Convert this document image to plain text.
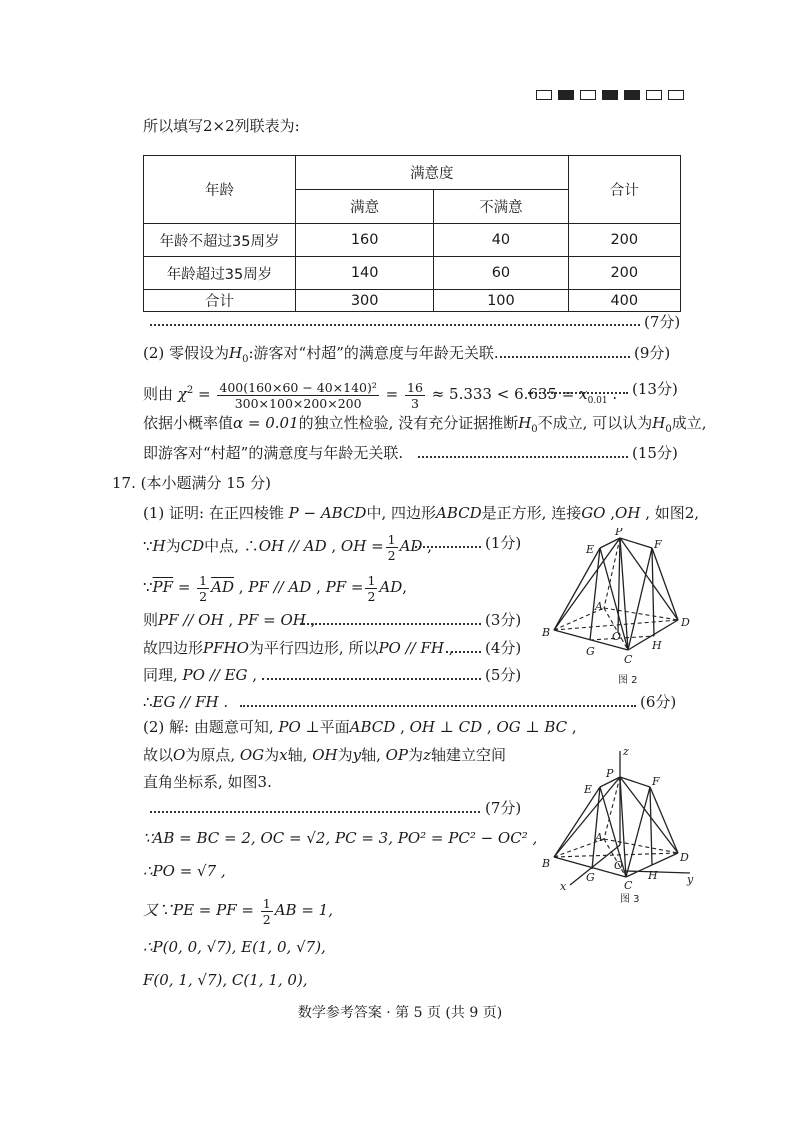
所以填写2×2列联表为:
年龄	满意度		合计
	满意	不满意	
年龄不超过35周岁	160	40	200
年龄超过35周岁	140	60	200
合计	300	100	400
(7分)
(2) 零假设为$H_0$:游客对“村超”的满意度与年龄无关联.	(9分)
则由 $\chi^2 = \frac{\text{400(160×60 − 40×140)²}}{300\times 100\times 200\times 200} = \frac{16}{3} \approx 5.333 < 6.635 = x_{0.01}$ . (13分)
依据小概率值α = 0.01的独立性检验, 没有充分证据推断$H_0$不成立, 可以认为$H_0$成立,
即游客对“村超”的满意度与年龄无关联.	(15分)
17. (本小题满分 15 分)
(1) 证明: 在正四棱锥 P − ABCD中, 四边形ABCD是正方形, 连接GO ,OH , 如图2,
∵H为CD中点, ∴OH // AD , OH = $\frac{1}{2}$ AD ,	(1分)
$\because\overline{PF} = \frac{1}{2} \overline{AD}$ , PF // AD , PF = $\frac{1}{2}$ AD,
则PF // OH , PF = OH ,	(3分)
故四边形PFHO为平行四边形, 所以PO // FH , (4分)
同理, PO // EG ,	(5分)
∴EG // FH .	(6分)
(2) 解: 由题意可知, PO ⊥平面ABCD , OH ⊥ CD , OG ⊥ BC ,
故以O为原点, OG为x轴, OH为y轴, OP为z轴建立空间
直角坐标系, 如图3.
(7分)
∵AB = BC = 2, OC = √2, PC = 3, PO² = PC² − OC² ,
∴PO = √7 ,
又∵PE = PF = $\frac{1}{2}$ AB = 1,
∴P(0, 0, √7), E(1, 0, √7),
F(0, 1, √7), C(1, 1, 0),
P
E	F
A
B
D
O
G
C
H
图 2
z
P
E
F
A
B	D
O
G
C
H
x
y
图 3
数学参考答案 · 第 5 页 (共 9 页)
